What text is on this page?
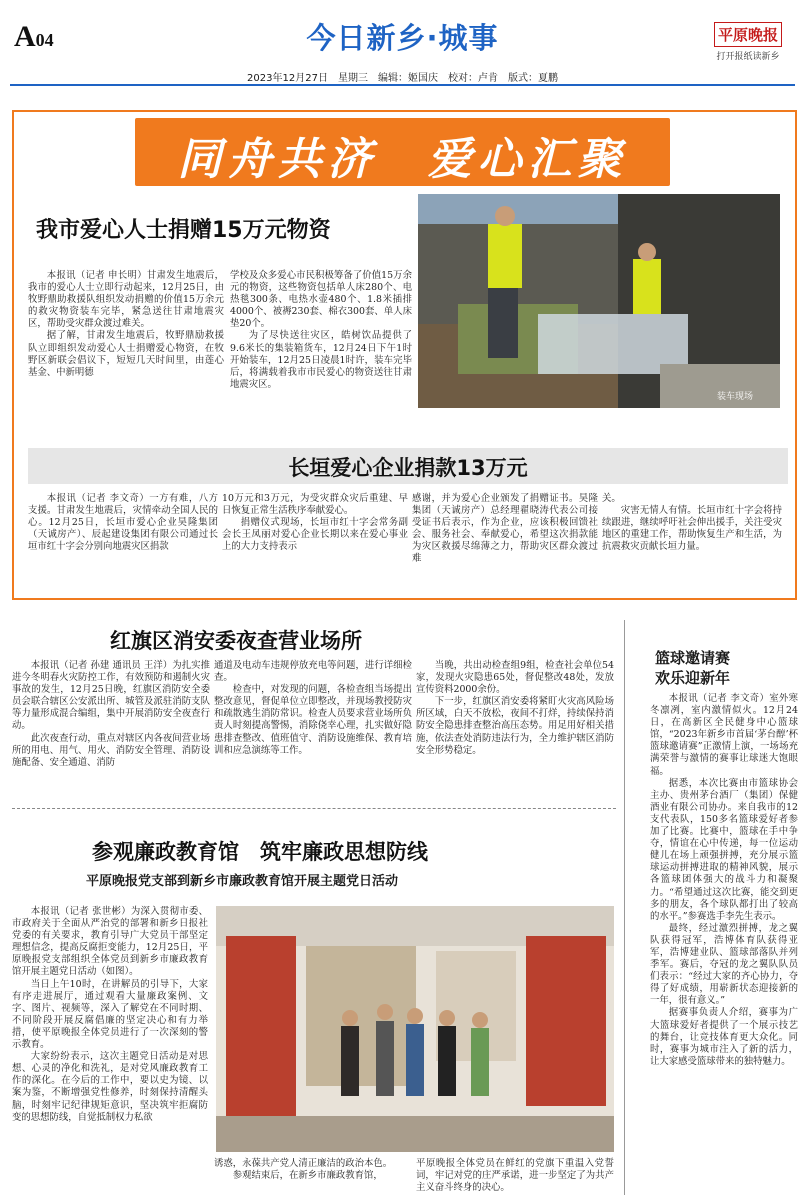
A04	今日新乡·城事	平原晚报
打开报纸读新乡
2023年12月27日　星期三　编辑：姬国庆　校对：卢肯　版式：夏鹏
同舟共济　爱心汇聚
我市爱心人士捐赠15万元物资
装车现场

本报讯（记者 申长明）甘肃发生地震后，我市的爱心人士立即行动起来，12月25日，由牧野鼎助救援队组织发动捐赠的价值15万余元的救灾物资装车完毕，紧急送往甘肃地震灾区，帮助受灾群众渡过难关。

据了解，甘肃发生地震后，牧野鼎励救援队立即组织发动爱心人士捐赠爱心物资，在牧野区新联会倡议下，短短几天时间里，由莲心基金、中新明德

学校及众多爱心市民积极筹备了价值15万余元的物资，这些物资包括单人床280个、电热毯300条、电热水壶480个、1.8米插排4000个、被褥230套、棉衣300套、单人床垫20个。

为了尽快送往灾区，皓树饮品提供了9.6米长的集装箱货车，12月24日下午1时开始装车，12月25日凌晨1时许，装车完毕后，将满载着我市市民爱心的物资送往甘肃地震灾区。

长垣爱心企业捐款13万元

本报讯（记者 李文奇）一方有难，八方支援。甘肃发生地震后，灾情牵动全国人民的心。12月25日，长垣市爱心企业昊隆集团（天诚房产）、辰起建设集团有限公司通过长垣市红十字会分别向地震灾区捐款

10万元和3万元，为受灾群众灾后重建、早日恢复正常生活秩序奉献爱心。

捐赠仪式现场，长垣市红十字会常务副会长王凤丽对爱心企业长期以来在爱心事业上的大力支持表示

感谢，并为爱心企业颁发了捐赠证书。昊隆集团（天诚房产）总经理翟晓涛代表公司接受证书后表示，作为企业，应该积极回馈社会、服务社会、奉献爱心，希望这次捐款能为灾区救援尽绵薄之力，帮助灾区群众渡过难

关。

灾害无情人有情。长垣市红十字会将持续跟进，继续呼吁社会伸出援手，关注受灾地区的重建工作，帮助恢复生产和生活，为抗震救灾贡献长垣力量。

红旗区消安委夜查营业场所

本报讯（记者 孙建 通讯员 王洋）为扎实推进今冬明春火灾防控工作，有效预防和遏制火灾事故的发生，12月25日晚，红旗区消防安全委员会联合辖区公安派出所、城管及派驻消防支队等力量形成混合编组，集中开展消防安全夜查行动。

此次夜查行动，重点对辖区内各夜间营业场所的用电、用气、用火、消防安全管理、消防设施配备、安全通道、消防

通道及电动车违规停放充电等问题，进行详细检查。

检查中，对发现的问题，各检查组当场提出整改意见，督促单位立即整改，并现场教授防灾和疏散逃生消防常识。检查人员要求营业场所负责人时刻提高警惕，消除侥幸心理，扎实做好隐患排查整改、值班值守、消防设施维保、教育培训和应急演练等工作。

当晚，共出动检查组9组，检查社会单位54家，发现火灾隐患65处，督促整改48处，发放宣传资料2000余份。

下一步，红旗区消安委将紧盯火灾高风险场所区域，白天不放松，夜间不打烊，持续保持消防安全隐患排查整治高压态势。用足用好相关措施，依法查处消防违法行为，全力维护辖区消防安全形势稳定。

参观廉政教育馆　筑牢廉政思想防线
平原晚报党支部到新乡市廉政教育馆开展主题党日活动

本报讯（记者 张世彬）为深入贯彻市委、市政府关于全面从严治党的部署和新乡日报社党委的有关要求，教育引导广大党员干部坚定理想信念，提高反腐拒变能力，12月25日，平原晚报党支部组织全体党员到新乡市廉政教育馆开展主题党日活动（如图）。

当日上午10时，在讲解员的引导下，大家有序走进展厅，通过观看大量廉政案例、文字、图片、视频等，深入了解党在不同时期、不同阶段开展反腐倡廉的坚定决心和有力举措，使平原晚报全体党员进行了一次深刻的警示教育。

大家纷纷表示，这次主题党日活动是对思想、心灵的净化和洗礼，是对党风廉政教育工作的深化。在今后的工作中，要以史为镜、以案为鉴，不断增强党性修养，时刻保持清醒头脑，时刻牢记纪律规矩意识，坚决筑牢拒腐防变的思想防线，自觉抵制权力私欲

诱惑，永葆共产党人清正廉洁的政治本色。

参观结束后，在新乡市廉政教育馆，

平原晚报全体党员在鲜红的党旗下重温入党誓词，牢记对党的庄严承诺，进一步坚定了为共产主义奋斗终身的决心。

篮球邀请赛
欢乐迎新年

本报讯（记者 李文奇）室外寒冬凛冽，室内激情似火。12月24日，在高新区全民健身中心篮球馆，“2023年新乡市首届‘茅台醇’杯篮球邀请赛”正激情上演，一场场充满荣誉与激情的赛事让球迷大饱眼福。

据悉，本次比赛由市篮球协会主办、贵州茅台酒厂（集团）保健酒业有限公司协办。来自我市的12支代表队，150多名篮球爱好者参加了比赛。比赛中，篮球在手中争夺，情谊在心中传递，每一位运动健儿在场上顽强拼搏，充分展示篮球运动拼搏进取的精神风貌，展示各篮球团体强大的战斗力和凝聚力。“希望通过这次比赛，能交到更多的朋友，各个球队都打出了较高的水平。”参赛选手李先生表示。

最终，经过激烈拼搏，龙之翼队获得冠军，浩博体育队获得亚军，浩博建业队、篮球部落队并列季军。赛后，夺冠的龙之翼队队员们表示：“经过大家的齐心协力，夺得了好成绩，用崭新状态迎接新的一年，很有意义。”

据赛事负责人介绍，赛事为广大篮球爱好者提供了一个展示技艺的舞台，让竞技体育更大众化。同时，赛事为城市注入了新的活力，让大家感受篮球带来的独特魅力。
